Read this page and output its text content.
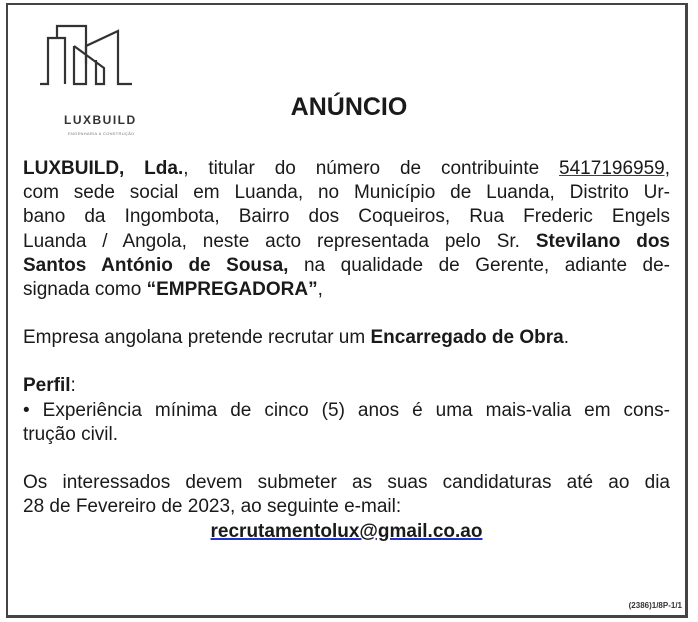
LUXBUILD
ENGENHARIA & CONSTRUÇÃO
ANÚNCIO
LUXBUILD, Lda., titular do número de contribuinte 5417196959,
com sede social em Luanda, no Município de Luanda, Distrito Ur-
bano da Ingombota, Bairro dos Coqueiros, Rua Frederic Engels
Luanda / Angola, neste acto representada pelo Sr. Stevilano dos
Santos António de Sousa, na qualidade de Gerente, adiante de-
signada como “EMPREGADORA”,
Empresa angolana pretende recrutar um Encarregado de Obra.
Perfil:
• Experiência mínima de cinco (5) anos é uma mais-valia em cons-
trução civil.
Os interessados devem submeter as suas candidaturas até ao dia
28 de Fevereiro de 2023, ao seguinte e-mail:
recrutamentolux@gmail.co.ao
(2386)1/8P-1/1
